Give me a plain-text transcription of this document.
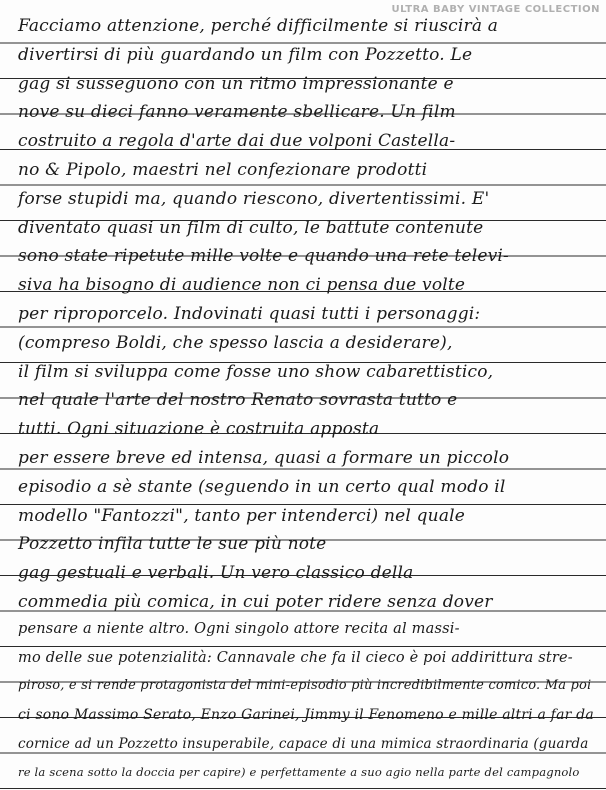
ULTRA BABY VINTAGE COLLECTION
Facciamo attenzione, perché difficilmente si riuscirà a
divertirsi di più guardando un film con Pozzetto. Le
gag si susseguono con un ritmo impressionante e
nove su dieci fanno veramente sbellicare. Un film
costruito a regola d'arte dai due volponi Castella-
no & Pipolo, maestri nel confezionare prodotti
forse stupidi ma, quando riescono, divertentissimi. E'
diventato quasi un film di culto, le battute contenute
sono state ripetute mille volte e quando una rete televi-
siva ha bisogno di audience non ci pensa due volte
per riproporcelo. Indovinati quasi tutti i personaggi:
(compreso Boldi, che spesso lascia a desiderare),
il film si sviluppa come fosse uno show cabarettistico,
nel quale l'arte del nostro Renato sovrasta tutto e
tutti. Ogni situazione è costruita apposta
per essere breve ed intensa, quasi a formare un piccolo
episodio a sè stante (seguendo in un certo qual modo il
modello "Fantozzi", tanto per intenderci) nel quale
Pozzetto infila tutte le sue più note
gag gestuali e verbali. Un vero classico della
commedia più comica, in cui poter ridere senza dover
pensare a niente altro. Ogni singolo attore recita al massi-
mo delle sue potenzialità: Cannavale che fa il cieco è poi addirittura stre-
piroso, e si rende protagonista del mini-episodio più incredibilmente comico. Ma poi
ci sono Massimo Serato, Enzo Garinei, Jimmy il Fenomeno e mille altri a far da
cornice ad un Pozzetto insuperabile, capace di una mimica straordinaria (guarda
re la scena sotto la doccia per capire) e perfettamente a suo agio nella parte del campagnolo
